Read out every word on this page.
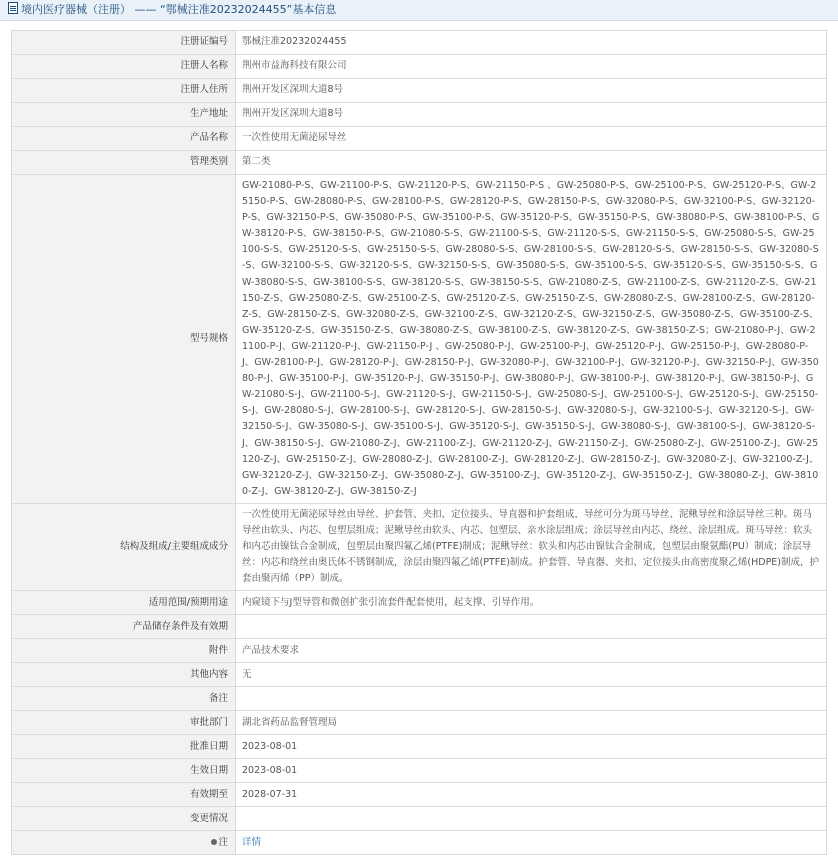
境内医疗器械（注册） —— “鄂械注准20232024455”基本信息
注册证编号	鄂械注准20232024455
注册人名称	荆州市益海科技有限公司
注册人住所	荆州开发区深圳大道8号
生产地址	荆州开发区深圳大道8号
产品名称	一次性使用无菌泌尿导丝
管理类别	第二类
型号规格	GW-21080-P-S、GW-21100-P-S、GW-21120-P-S、GW-21150-P-S 、GW-25080-P-S、GW-25100-P-S、GW-25120-P-S、GW-25150-P-S、GW-28080-P-S、GW-28100-P-S、GW-28120-P-S、GW-28150-P-S、GW-32080-P-S、GW-32100-P-S、GW-32120-P-S、GW-32150-P-S、GW-35080-P-S、GW-35100-P-S、GW-35120-P-S、GW-35150-P-S、GW-38080-P-S、GW-38100-P-S、GW-38120-P-S、GW-38150-P-S、GW-21080-S-S、GW-21100-S-S、GW-21120-S-S、GW-21150-S-S、GW-25080-S-S、GW-25100-S-S、GW-25120-S-S、GW-25150-S-S、GW-28080-S-S、GW-28100-S-S、GW-28120-S-S、GW-28150-S-S、GW-32080-S-S、GW-32100-S-S、GW-32120-S-S、GW-32150-S-S、GW-35080-S-S、GW-35100-S-S、GW-35120-S-S、GW-35150-S-S、GW-38080-S-S、GW-38100-S-S、GW-38120-S-S、GW-38150-S-S、GW-21080-Z-S、GW-21100-Z-S、GW-21120-Z-S、GW-21150-Z-S、GW-25080-Z-S、GW-25100-Z-S、GW-25120-Z-S、GW-25150-Z-S、GW-28080-Z-S、GW-28100-Z-S、GW-28120-Z-S、GW-28150-Z-S、GW-32080-Z-S、GW-32100-Z-S、GW-32120-Z-S、GW-32150-Z-S、GW-35080-Z-S、GW-35100-Z-S、GW-35120-Z-S、GW-35150-Z-S、GW-38080-Z-S、GW-38100-Z-S、GW-38120-Z-S、GW-38150-Z-S；GW-21080-P-J、GW-21100-P-J、GW-21120-P-J、GW-21150-P-J 、GW-25080-P-J、GW-25100-P-J、GW-25120-P-J、GW-25150-P-J、GW-28080-P-J、GW-28100-P-J、GW-28120-P-J、GW-28150-P-J、GW-32080-P-J、GW-32100-P-J、GW-32120-P-J、GW-32150-P-J、GW-35080-P-J、GW-35100-P-J、GW-35120-P-J、GW-35150-P-J、GW-38080-P-J、GW-38100-P-J、GW-38120-P-J、GW-38150-P-J、GW-21080-S-J、GW-21100-S-J、GW-21120-S-J、GW-21150-S-J、GW-25080-S-J、GW-25100-S-J、GW-25120-S-J、GW-25150-S-J、GW-28080-S-J、GW-28100-S-J、GW-28120-S-J、GW-28150-S-J、GW-32080-S-J、GW-32100-S-J、GW-32120-S-J、GW-32150-S-J、GW-35080-S-J、GW-35100-S-J、GW-35120-S-J、GW-35150-S-J、GW-38080-S-J、GW-38100-S-J、GW-38120-S-J、GW-38150-S-J、GW-21080-Z-J、GW-21100-Z-J、GW-21120-Z-J、GW-21150-Z-J、GW-25080-Z-J、GW-25100-Z-J、GW-25120-Z-J、GW-25150-Z-J、GW-28080-Z-J、GW-28100-Z-J、GW-28120-Z-J、GW-28150-Z-J、GW-32080-Z-J、GW-32100-Z-J、GW-32120-Z-J、GW-32150-Z-J、GW-35080-Z-J、GW-35100-Z-J、GW-35120-Z-J、GW-35150-Z-J、GW-38080-Z-J、GW-38100-Z-J、GW-38120-Z-J、GW-38150-Z-J
结构及组成/主要组成成分	一次性使用无菌泌尿导丝由导丝、护套管、夹扣、定位接头、导直器和护套组成，导丝可分为斑马导丝、泥鳅导丝和涂层导丝三种。斑马导丝由软头、内芯、包塑层组成；泥鳅导丝由软头、内芯、包塑层、亲水涂层组成；涂层导丝由内芯、绕丝、涂层组成。斑马导丝：软头和内芯由镍钛合金制成，包塑层由聚四氟乙烯(PTFE)制成；泥鳅导丝：软头和内芯由镍钛合金制成，包塑层由聚氨酯(PU）制成；涂层导丝：内芯和绕丝由奥氏体不锈钢制成，涂层由聚四氟乙烯(PTFE)制成。护套管、导直器、夹扣、定位接头由高密度聚乙烯(HDPE)制成，护套由聚丙烯（PP）制成。
适用范围/预期用途	内窥镜下与J型导管和微创扩张引流套件配套使用，起支撑、引导作用。
产品储存条件及有效期	
附件	产品技术要求
其他内容	无
备注	
审批部门	湖北省药品监督管理局
批准日期	2023-08-01
生效日期	2023-08-01
有效期至	2028-07-31
变更情况	
注	详情
